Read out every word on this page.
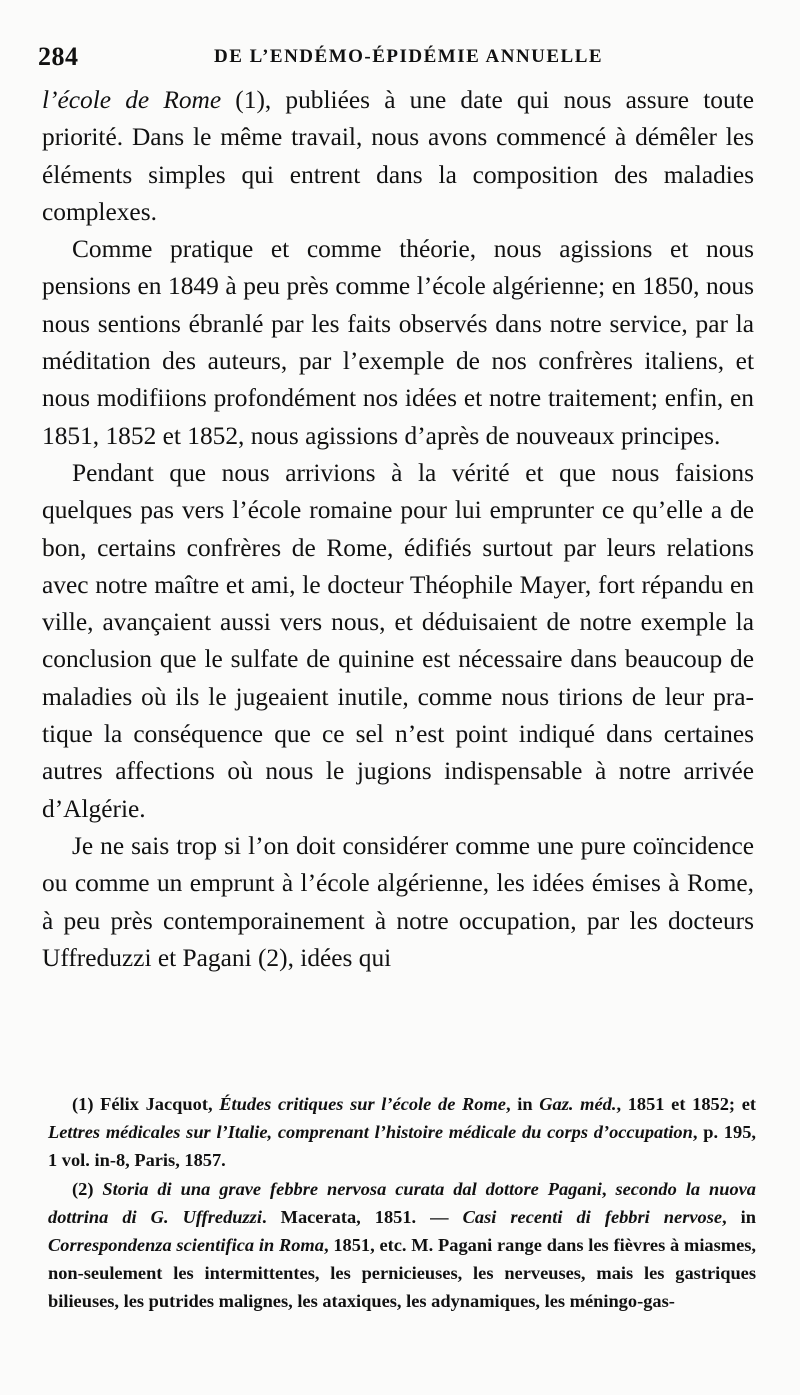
284	DE L’ENDÉMO-ÉPIDÉMIE ANNUELLE

l’école de Rome (1), publiées à une date qui nous assure toute priorité. Dans le même travail, nous avons commencé à démêler les éléments simples qui entrent dans la composition des maladies complexes.

Comme pratique et comme théorie, nous agissions et nous pensions en 1849 à peu près comme l’école algérienne; en 1850, nous nous sentions ébranlé par les faits observés dans notre service, par la méditation des auteurs, par l’exemple de nos confrères italiens, et nous modifiions profondément nos idées et notre traitement; enfin, en 1851, 1852 et 1852, nous agissions d’après de nouveaux principes.

Pendant que nous arrivions à la vérité et que nous faisions quelques pas vers l’école romaine pour lui emprunter ce qu’elle a de bon, certains confrères de Rome, édifiés surtout par leurs relations avec notre maître et ami, le docteur Théophile Mayer, fort répandu en ville, avançaient aussi vers nous, et déduisaient de notre exemple la conclusion que le sulfate de quinine est nécessaire dans beaucoup de maladies où ils le jugeaient inutile, comme nous tirions de leur pratique la conséquence que ce sel n’est point indiqué dans certaines autres affections où nous le jugions indispensable à notre arrivée d’Algérie.

Je ne sais trop si l’on doit considérer comme une pure coïncidence ou comme un emprunt à l’école algérienne, les idées émises à Rome, à peu près contemporainement à notre occupation, par les docteurs Uffreduzzi et Pagani (2), idées qui

(1) Félix Jacquot, Études critiques sur l’école de Rome, in Gaz. méd., 1851 et 1852; et Lettres médicales sur l’Italie, comprenant l’histoire médicale du corps d’occupation, p. 195, 1 vol. in-8, Paris, 1857.

(2) Storia di una grave febbre nervosa curata dal dottore Pagani, secondo la nuova dottrina di G. Uffreduzzi. Macerata, 1851. — Casi recenti di febbri nervose, in Correspondenza scientifica in Roma, 1851, etc. M. Pagani range dans les fièvres à miasmes, non-seulement les intermittentes, les pernicieuses, les nerveuses, mais les gastriques bilieuses, les putrides malignes, les ataxiques, les adynamiques, les méningo-gas-
